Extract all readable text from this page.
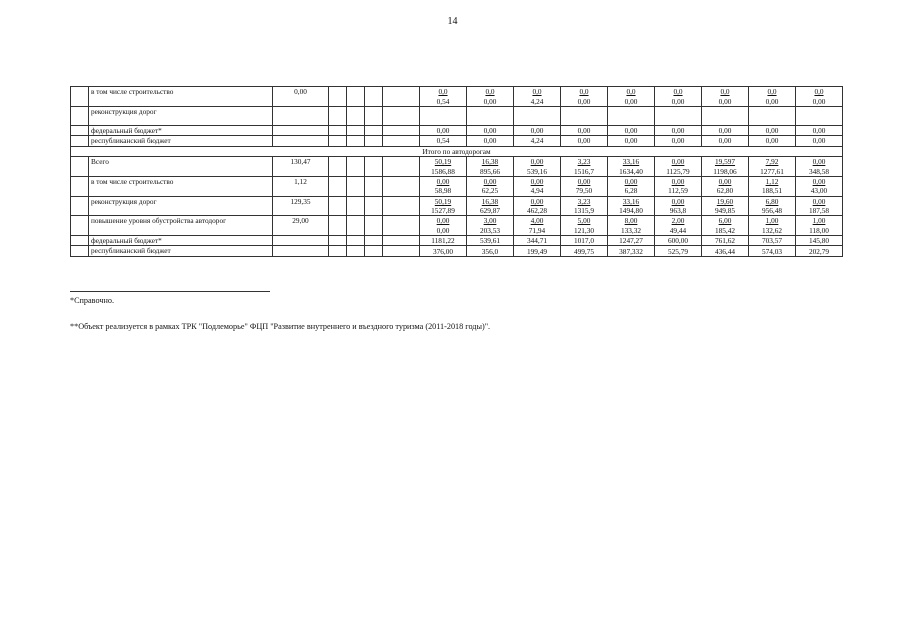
14
	в том числе строительство	0,00					0,0	0,0	0,0	0,0	0,0	0,0	0,0	0,0	0,0
							0,54	0,00	4,24	0,00	0,00	0,00	0,00	0,00	0,00
	реконструкция дорог														
	федеральный бюджет*						0,00	0,00	0,00	0,00	0,00	0,00	0,00	0,00	0,00
	республиканский бюджет						0,54	0,00	4,24	0,00	0,00	0,00	0,00	0,00	0,00
Итого по автодорогам															
	Всего	130,47					50,19	16,38	0,00	3,23	33,16	0,00	19,597	7,92	0,00
							1586,88	895,66	539,16	1516,7	1634,40	1125,79	1198,06	1277,61	348,58
	в том числе строительство	1,12					0,00	0,00	0,00	0,00	0,00	0,00	0,00	1,12	0,00
							58,98	62,25	4,94	79,50	6,28	112,59	62,80	188,51	43,00
	реконструкция дорог	129,35					50,19	16,38	0,00	3,23	33,16	0,00	19,60	6,80	0,00
							1527,89	629,87	462,28	1315,9	1494,80	963,8	949,85	956,48	187,58
	повышение уровня обустройства автодорог	29,00					0,00	3,00	4,00	5,00	8,00	2,00	6,00	1,00	1,00
							0,00	203,53	71,94	121,30	133,32	49,44	185,42	132,62	118,00
	федеральный бюджет*						1181,22	539,61	344,71	1017,0	1247,27	600,00	761,62	703,57	145,80
	республиканский бюджет						376,00	356,0	199,49	499,75	387,332	525,79	436,44	574,03	202,79
*Справочно.
**Объект реализуется в рамках ТРК "Подлеморье" ФЦП "Развитие внутреннего и въездного туризма (2011-2018 годы)".
